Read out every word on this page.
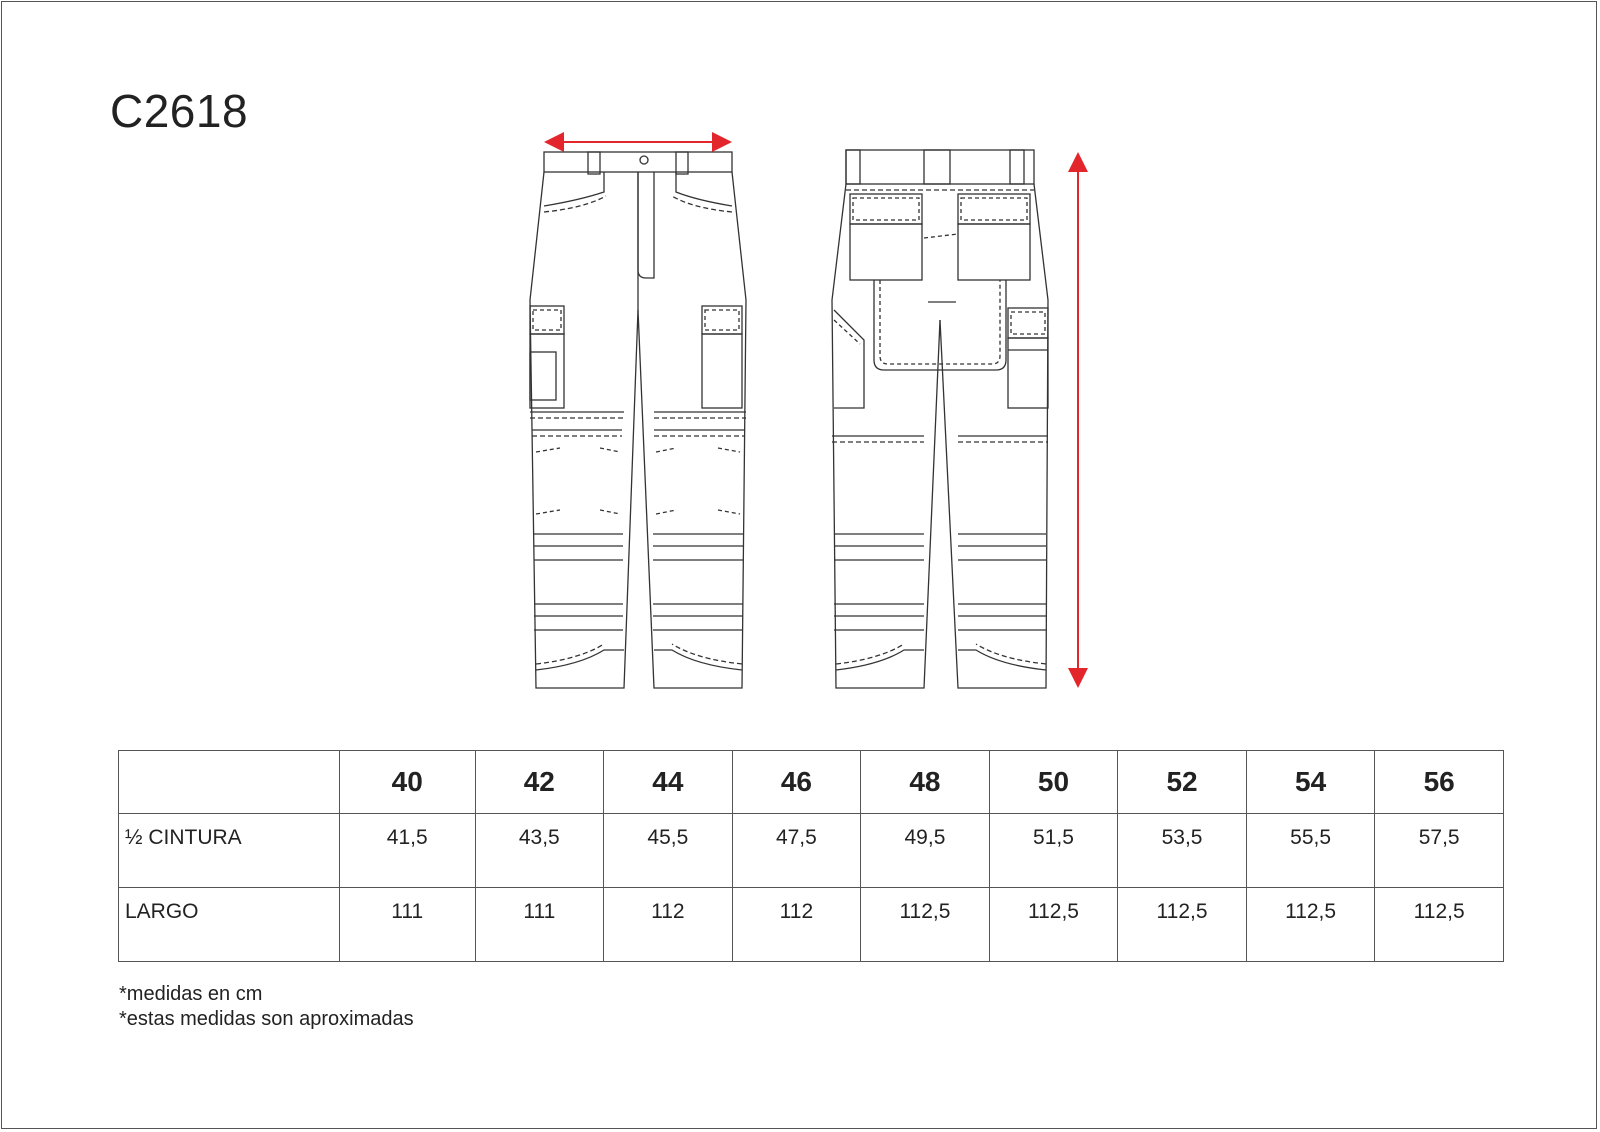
C2618
	40	42	44	46	48	50	52	54	56
½ CINTURA	41,5	43,5	45,5	47,5	49,5	51,5	53,5	55,5	57,5
LARGO	111	111	112	112	112,5	112,5	112,5	112,5	112,5
*medidas en cm
*estas medidas son aproximadas
